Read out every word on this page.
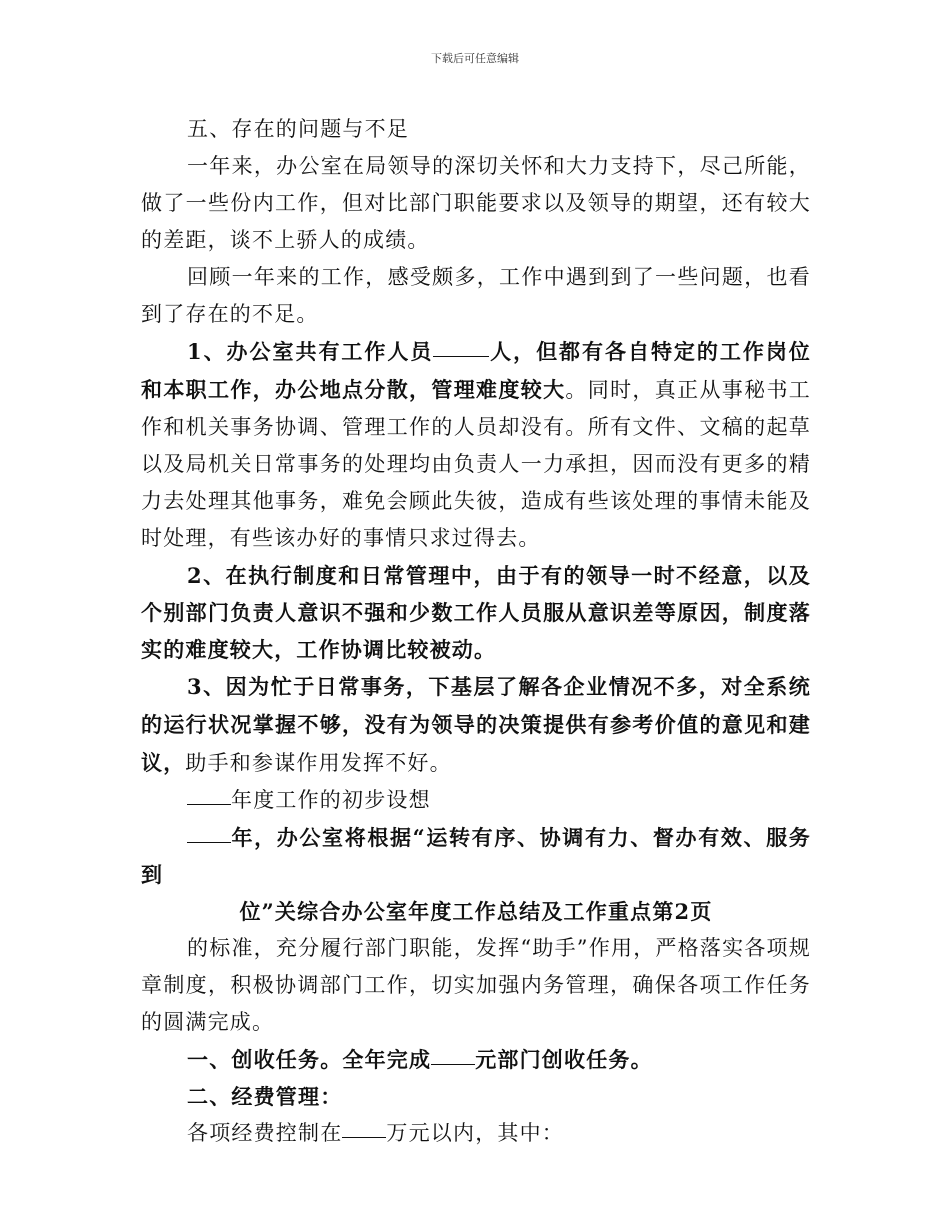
下载后可任意编辑

五、存在的问题与不足

一年来，办公室在局领导的深切关怀和大力支持下，尽己所能，做了一些份内工作，但对比部门职能要求以及领导的期望，还有较大的差距，谈不上骄人的成绩。

回顾一年来的工作，感受颇多，工作中遇到到了一些问题，也看到了存在的不足。

1、办公室共有工作人员	人，但都有各自特定的工作岗位和本职工作，办公地点分散，管理难度较大。同时，真正从事秘书工作和机关事务协调、管理工作的人员却没有。所有文件、文稿的起草以及局机关日常事务的处理均由负责人一力承担，因而没有更多的精力去处理其他事务，难免会顾此失彼，造成有些该处理的事情未能及时处理，有些该办好的事情只求过得去。

2、在执行制度和日常管理中，由于有的领导一时不经意，以及个别部门负责人意识不强和少数工作人员服从意识差等原因，制度落实的难度较大，工作协调比较被动。

3、因为忙于日常事务，下基层了解各企业情况不多，对全系统的运行状况掌握不够，没有为领导的决策提供有参考价值的意见和建议，助手和参谋作用发挥不好。

年度工作的初步设想

年，办公室将根据“运转有序、协调有力、督办有效、服务到

位”关综合办公室年度工作总结及工作重点第2页

的标准，充分履行部门职能，发挥“助手”作用，严格落实各项规章制度，积极协调部门工作，切实加强内务管理，确保各项工作任务的圆满完成。

一、创收任务。全年完成 元部门创收任务。

二、经费管理：

各项经费控制在 万元以内，其中：
